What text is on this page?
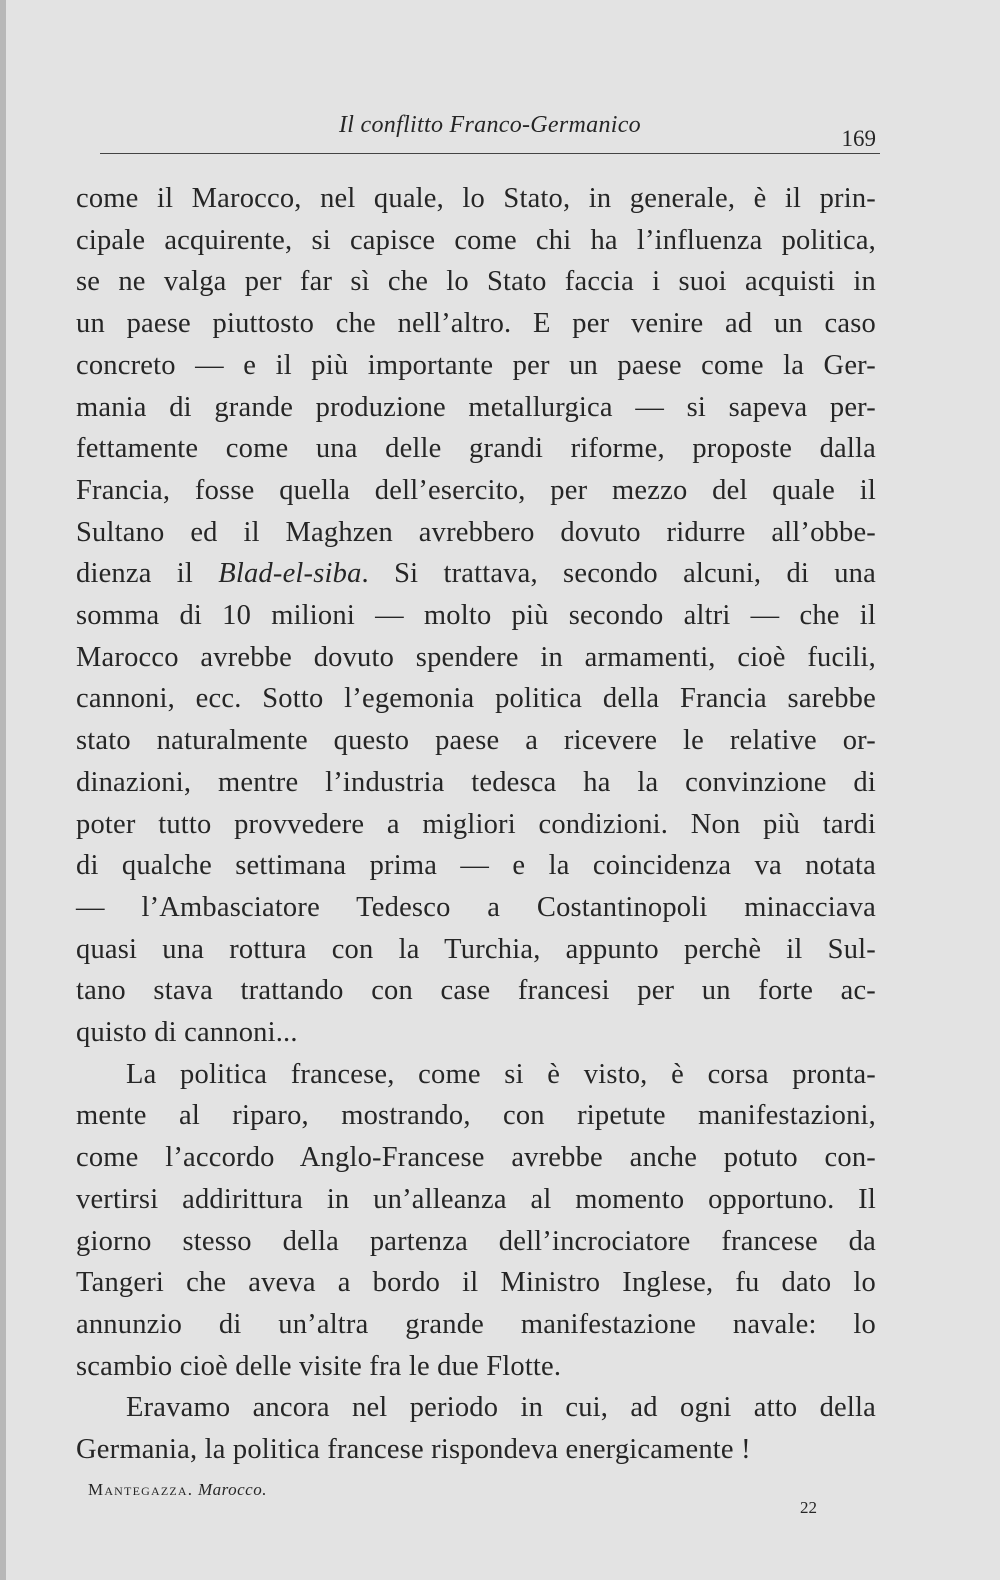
Il conflitto Franco-Germanico
169

come il Marocco, nel quale, lo Stato, in generale, è il prin-
cipale acquirente, si capisce come chi ha l’influenza politica,
se ne valga per far sì che lo Stato faccia i suoi acquisti in
un paese piuttosto che nell’altro. E per venire ad un caso
concreto — e il più importante per un paese come la Ger-
mania di grande produzione metallurgica — si sapeva per-
fettamente come una delle grandi riforme, proposte dalla
Francia, fosse quella dell’esercito, per mezzo del quale il
Sultano ed il Maghzen avrebbero dovuto ridurre all’obbe-
dienza il Blad-el-siba. Si trattava, secondo alcuni, di una
somma di 10 milioni — molto più secondo altri — che il
Marocco avrebbe dovuto spendere in armamenti, cioè fucili,
cannoni, ecc. Sotto l’egemonia politica della Francia sarebbe
stato naturalmente questo paese a ricevere le relative or-
dinazioni, mentre l’industria tedesca ha la convinzione di
poter tutto provvedere a migliori condizioni. Non più tardi
di qualche settimana prima — e la coincidenza va notata
— l’Ambasciatore Tedesco a Costantinopoli minacciava
quasi una rottura con la Turchia, appunto perchè il Sul-
tano stava trattando con case francesi per un forte ac-
quisto di cannoni...

La politica francese, come si è visto, è corsa pronta-
mente al riparo, mostrando, con ripetute manifestazioni,
come l’accordo Anglo-Francese avrebbe anche potuto con-
vertirsi addirittura in un’alleanza al momento opportuno. Il
giorno stesso della partenza dell’incrociatore francese da
Tangeri che aveva a bordo il Ministro Inglese, fu dato lo
annunzio di un’altra grande manifestazione navale: lo
scambio cioè delle visite fra le due Flotte.

Eravamo ancora nel periodo in cui, ad ogni atto della
Germania, la politica francese rispondeva energicamente !

Mantegazza. Marocco.
22
